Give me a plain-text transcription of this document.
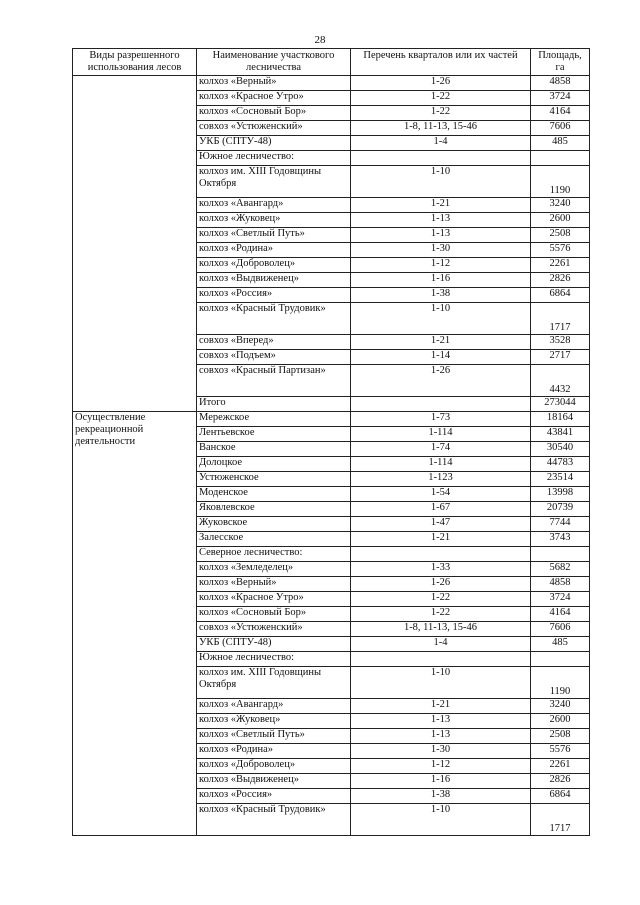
28
Виды разрешенного использования лесов	Наименование участкового лесничества	Перечень кварталов или их частей	Площадь, га
	колхоз «Верный»	1-26	4858
	колхоз «Красное Утро»	1-22	3724
	колхоз «Сосновый Бор»	1-22	4164
	совхоз «Устюженский»	1-8, 11-13, 15-46	7606
	УКБ (СПТУ-48)	1-4	485
	Южное лесничество:		
	колхоз им. XIII Годовщины Октября	1-10	1190
	колхоз «Авангард»	1-21	3240
	колхоз «Жуковец»	1-13	2600
	колхоз «Светлый Путь»	1-13	2508
	колхоз «Родина»	1-30	5576
	колхоз «Доброволец»	1-12	2261
	колхоз «Выдвиженец»	1-16	2826
	колхоз «Россия»	1-38	6864
	колхоз «Красный Трудовик»	1-10	1717
	совхоз «Вперед»	1-21	3528
	совхоз «Подъем»	1-14	2717
	совхоз «Красный Партизан»	1-26	4432
	Итого		273044
Осуществление рекреационной деятельности	Мережское	1-73	18164
	Лентьевское	1-114	43841
	Ванское	1-74	30540
	Долоцкое	1-114	44783
	Устюженское	1-123	23514
	Моденское	1-54	13998
	Яковлевское	1-67	20739
	Жуковское	1-47	7744
	Залесское	1-21	3743
	Северное лесничество:		
	колхоз «Земледелец»	1-33	5682
	колхоз «Верный»	1-26	4858
	колхоз «Красное Утро»	1-22	3724
	колхоз «Сосновый Бор»	1-22	4164
	совхоз «Устюженский»	1-8, 11-13, 15-46	7606
	УКБ (СПТУ-48)	1-4	485
	Южное лесничество:		
	колхоз им. XIII Годовщины Октября	1-10	1190
	колхоз «Авангард»	1-21	3240
	колхоз «Жуковец»	1-13	2600
	колхоз «Светлый Путь»	1-13	2508
	колхоз «Родина»	1-30	5576
	колхоз «Доброволец»	1-12	2261
	колхоз «Выдвиженец»	1-16	2826
	колхоз «Россия»	1-38	6864
	колхоз «Красный Трудовик»	1-10	1717
